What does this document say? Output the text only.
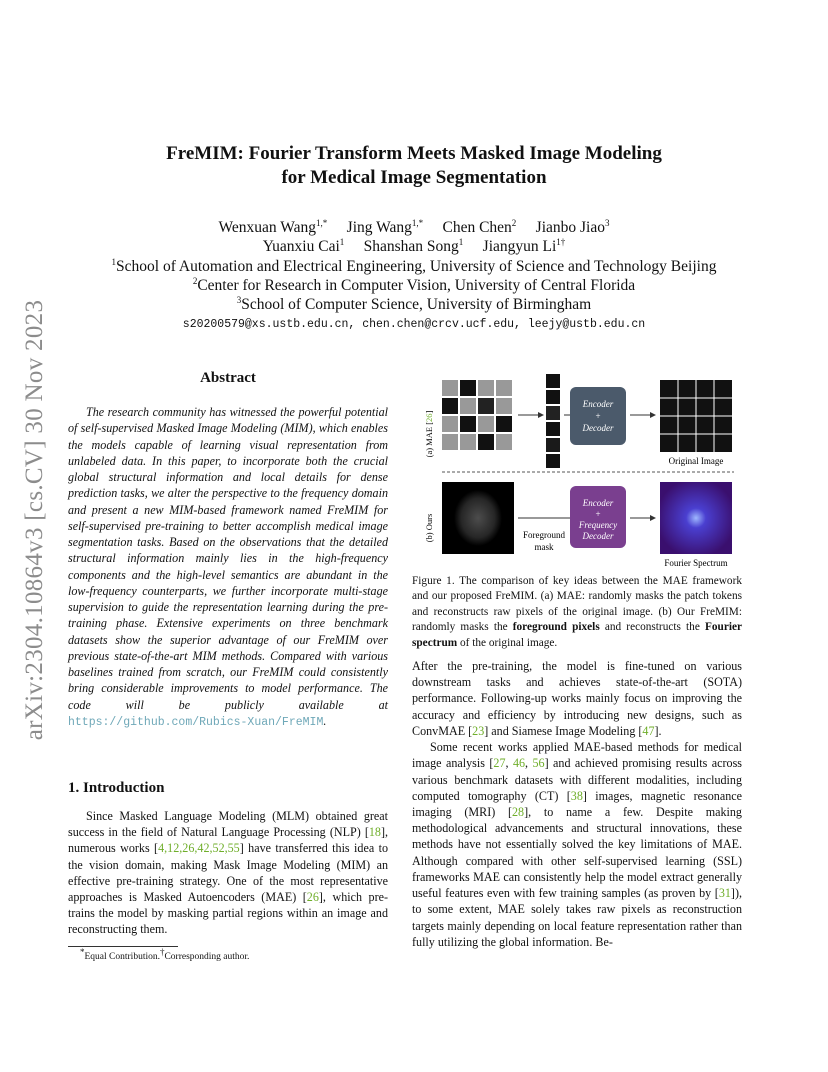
arXiv:2304.10864v3 [cs.CV] 30 Nov 2023
FreMIM: Fourier Transform Meets Masked Image Modeling
for Medical Image Segmentation
Wenxuan Wang$^{1,*}$ Jing Wang$^{1,*}$ Chen Chen$^2$ Jianbo Jiao$^3$
Yuanxiu Cai$^1$ Shanshan Song$^1$ Jiangyun $Li^{1\dagger}$
$^1$School of Automation and Electrical Engineering, University of Science and Technology Beijing
$^2$Center for Research in Computer Vision, University of Central Florida
$^3$School of Computer Science, University of Birmingham
s20200579@xs.ustb.edu.cn, chen.chen@crcv.ucf.edu, leejy@ustb.edu.cn
Abstract
The research community has witnessed the powerful potential of self-supervised Masked Image Modeling (MIM), which enables the models capable of learning visual representation from unlabeled data. In this paper, to incorporate both the crucial global structural information and local details for dense prediction tasks, we alter the perspective to the frequency domain and present a new MIM-based framework named FreMIM for self-supervised pre-training to better accomplish medical image segmentation tasks. Based on the observations that the detailed structural information mainly lies in the high-frequency components and the high-level semantics are abundant in the low-frequency counterparts, we further incorporate multi-stage supervision to guide the representation learning during the pre-training phase. Extensive experiments on three benchmark datasets show the superior advantage of our FreMIM over previous state-of-the-art MIM methods. Compared with various baselines trained from scratch, our FreMIM could consistently bring considerable improvements to model performance. The code will be publicly available at https://github.com/Rubics-Xuan/FreMIM.
1. Introduction
Since Masked Language Modeling (MLM) obtained great success in the field of Natural Language Processing (NLP) [18], numerous works [4,12,26,42,52,55] have transferred this idea to the vision domain, making Mask Image Modeling (MIM) an effective pre-training strategy. One of the most representative approaches is Masked Autoencoders (MAE) [26], which pre-trains the model by masking partial regions within an image and reconstructing them.
*Equal Contribution.†Corresponding author.
(a) MAE [26]
(b) Ours
Encoder
+
Decoder
Original Image
Foreground
mask
Encoder
+
Frequency
Decoder
Fourier Spectrum
Figure 1. The comparison of key ideas between the MAE framework and our proposed FreMIM. (a) MAE: randomly masks the patch tokens and reconstructs raw pixels of the original image. (b) Our FreMIM: randomly masks the foreground pixels and reconstructs the Fourier spectrum of the original image.

After the pre-training, the model is fine-tuned on various downstream tasks and achieves state-of-the-art (SOTA) performance. Following-up works mainly focus on improving the accuracy and efficiency by introducing new designs, such as ConvMAE [23] and Siamese Image Modeling [47].

Some recent works applied MAE-based methods for medical image analysis [27, 46, 56] and achieved promising results across various benchmark datasets with different modalities, including computed tomography (CT) [38] images, magnetic resonance imaging (MRI) [28], to name a few. Despite making methodological advancements and structural innovations, these methods have not essentially solved the key limitations of MAE. Although compared with other self-supervised learning (SSL) frameworks MAE can consistently help the model extract generally useful features even with few training samples (as proven by [31]), to some extent, MAE solely takes raw pixels as reconstruction targets mainly depending on local feature representation rather than fully utilizing the global information. Be-
